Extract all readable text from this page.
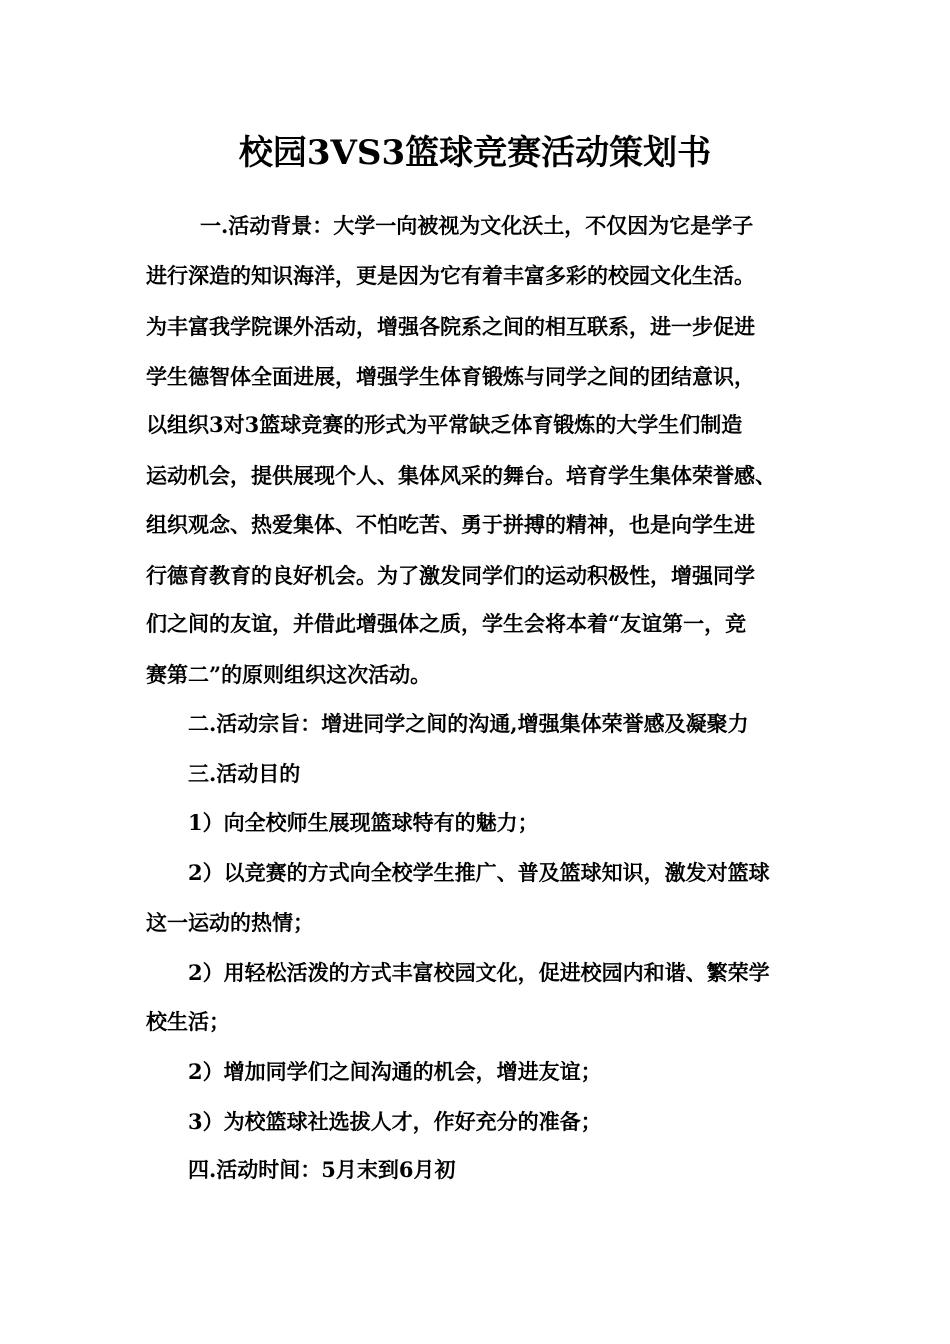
校园3VS3篮球竞赛活动策划书
一.活动背景：大学一向被视为文化沃土，不仅因为它是学子
进行深造的知识海洋，更是因为它有着丰富多彩的校园文化生活。
为丰富我学院课外活动，增强各院系之间的相互联系，进一步促进
学生德智体全面进展，增强学生体育锻炼与同学之间的团结意识，
以组织3对3篮球竞赛的形式为平常缺乏体育锻炼的大学生们制造
运动机会，提供展现个人、集体风采的舞台。培育学生集体荣誉感、
组织观念、热爱集体、不怕吃苦、勇于拼搏的精神，也是向学生进
行德育教育的良好机会。为了激发同学们的运动积极性，增强同学
们之间的友谊，并借此增强体之质，学生会将本着“友谊第一，竞
赛第二”的原则组织这次活动。
二.活动宗旨：增进同学之间的沟通,增强集体荣誉感及凝聚力
三.活动目的
1）向全校师生展现篮球特有的魅力；
2）以竞赛的方式向全校学生推广、普及篮球知识，激发对篮球
这一运动的热情；
2）用轻松活泼的方式丰富校园文化，促进校园内和谐、繁荣学
校生活；
2）增加同学们之间沟通的机会，增进友谊；
3）为校篮球社选拔人才，作好充分的准备；
四.活动时间：5月末到6月初
